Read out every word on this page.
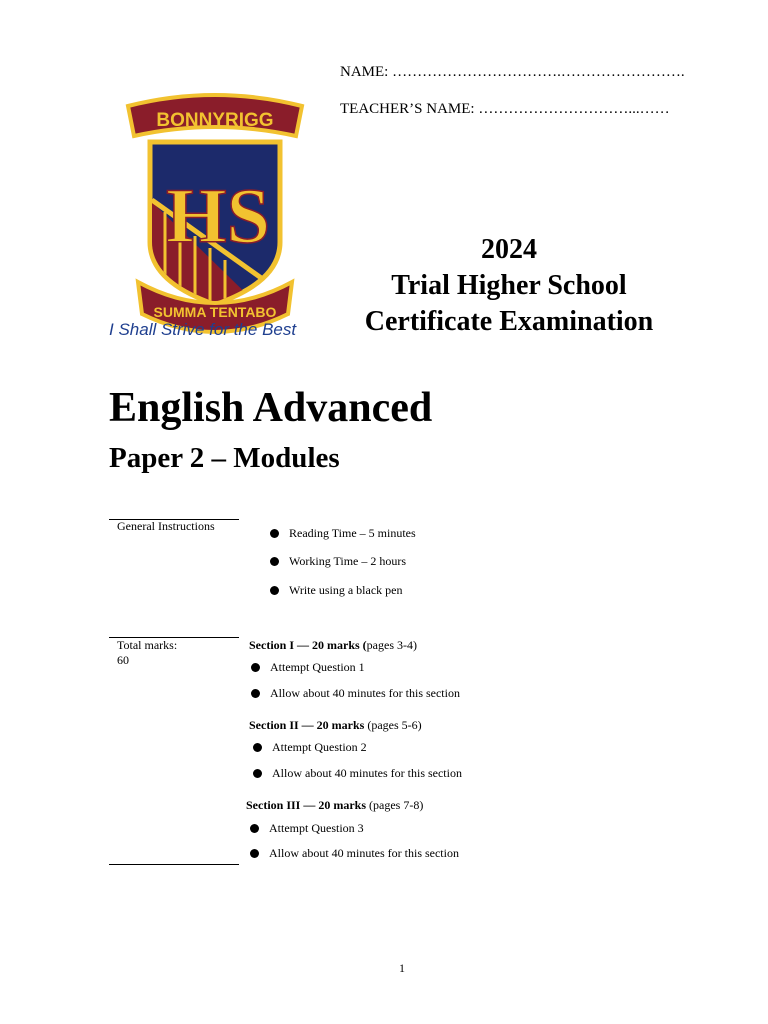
NAME: …………………………….…………………….
TEACHER’S NAME: …………………………...……
BONNYRIGG
HS
SUMMA TENTABO
I Shall Strive for the Best
2024
Trial Higher School
Certificate Examination
English Advanced
Paper 2 – Modules
General Instructions	Reading Time – 5 minutes
Working Time – 2 hours
Write using a black pen
Total marks:
60
Section I — 20 marks (pages 3-4)
Attempt Question 1
Allow about 40 minutes for this section
Section II — 20 marks (pages 5-6)
Attempt Question 2
Allow about 40 minutes for this section
Section III — 20 marks (pages 7-8)
Attempt Question 3
Allow about 40 minutes for this section
1
